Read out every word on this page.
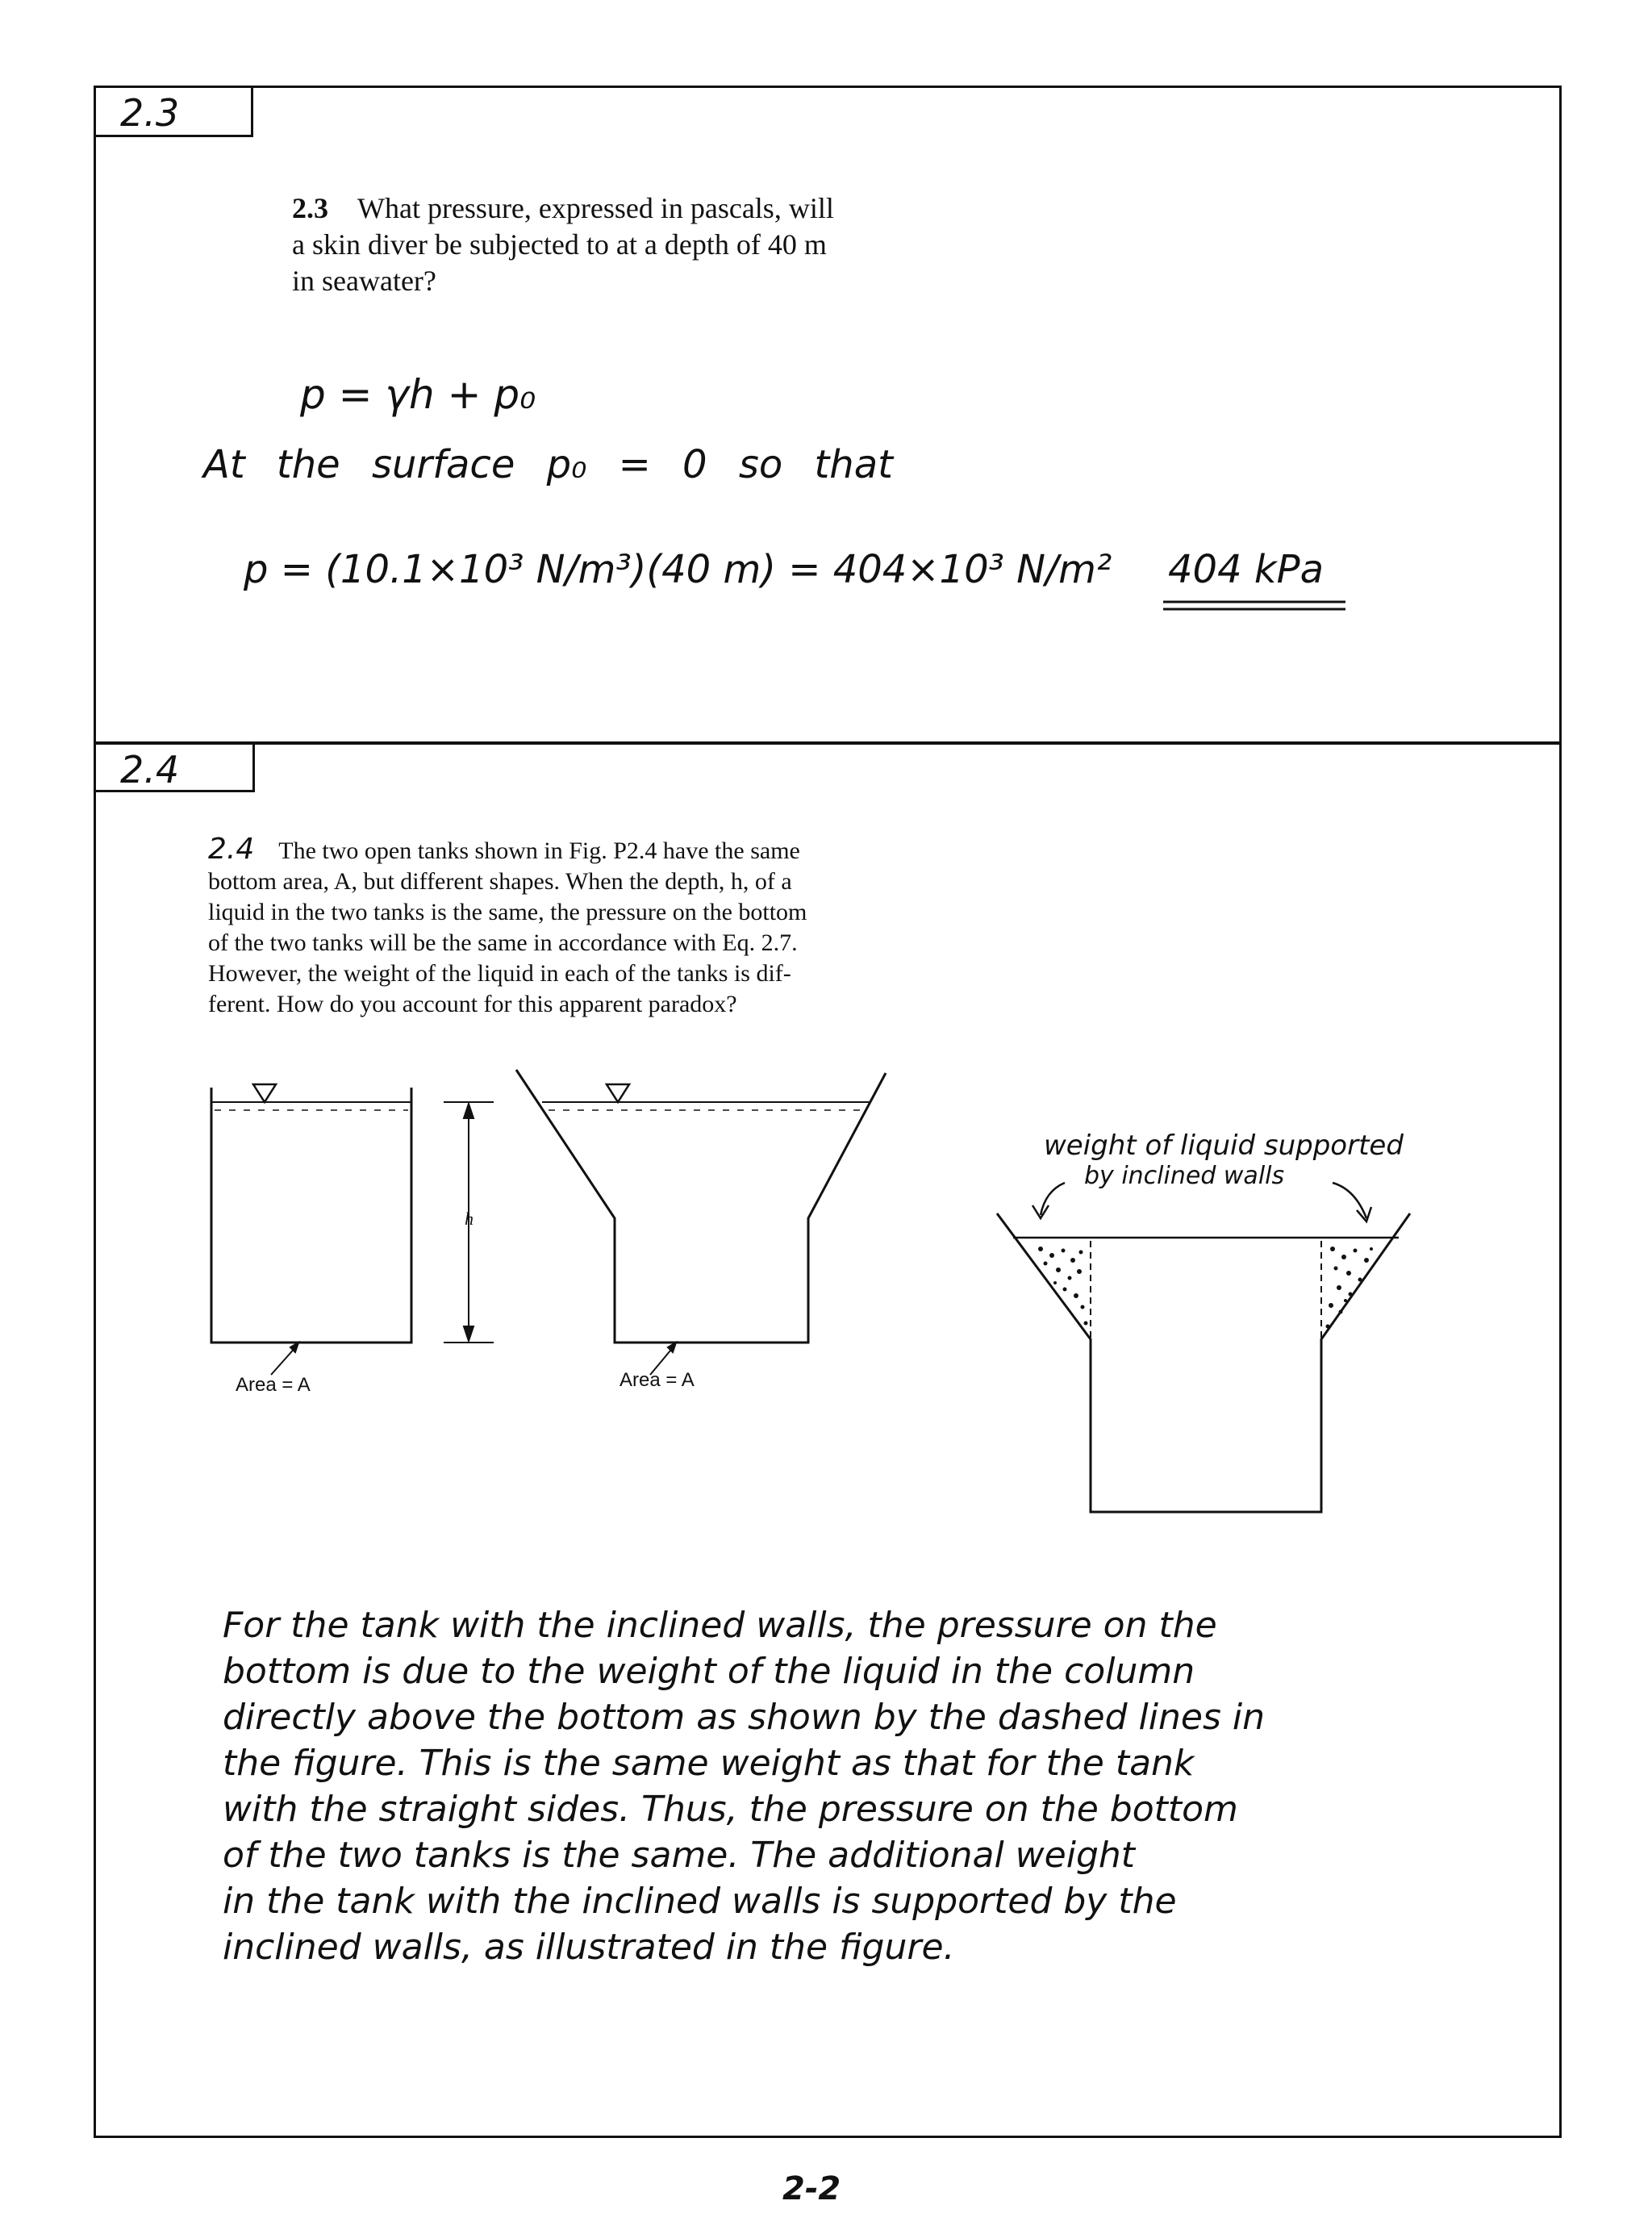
2.3
2.3 What pressure, expressed in pascals, will
a skin diver be subjected to at a depth of 40 m
in seawater?
p = γh + p₀
At the surface p₀ = 0 so that
p = (10.1×10³ N/m³)(40 m) = 404×10³ N/m² 404 kPa
2.4
2.4 The two open tanks shown in Fig. P2.4 have the same
bottom area, A, but different shapes. When the depth, h, of a
liquid in the two tanks is the same, the pressure on the bottom
of the two tanks will be the same in accordance with Eq. 2.7.
However, the weight of the liquid in each of the tanks is dif-
ferent. How do you account for this apparent paradox?
Area = A	Area = A
h
weight of liquid supported
by inclined walls
For the tank with the inclined walls, the pressure on the
bottom is due to the weight of the liquid in the column
directly above the bottom as shown by the dashed lines in
the figure. This is the same weight as that for the tank
with the straight sides. Thus, the pressure on the bottom
of the two tanks is the same. The additional weight
in the tank with the inclined walls is supported by the
inclined walls, as illustrated in the figure.
2-2
